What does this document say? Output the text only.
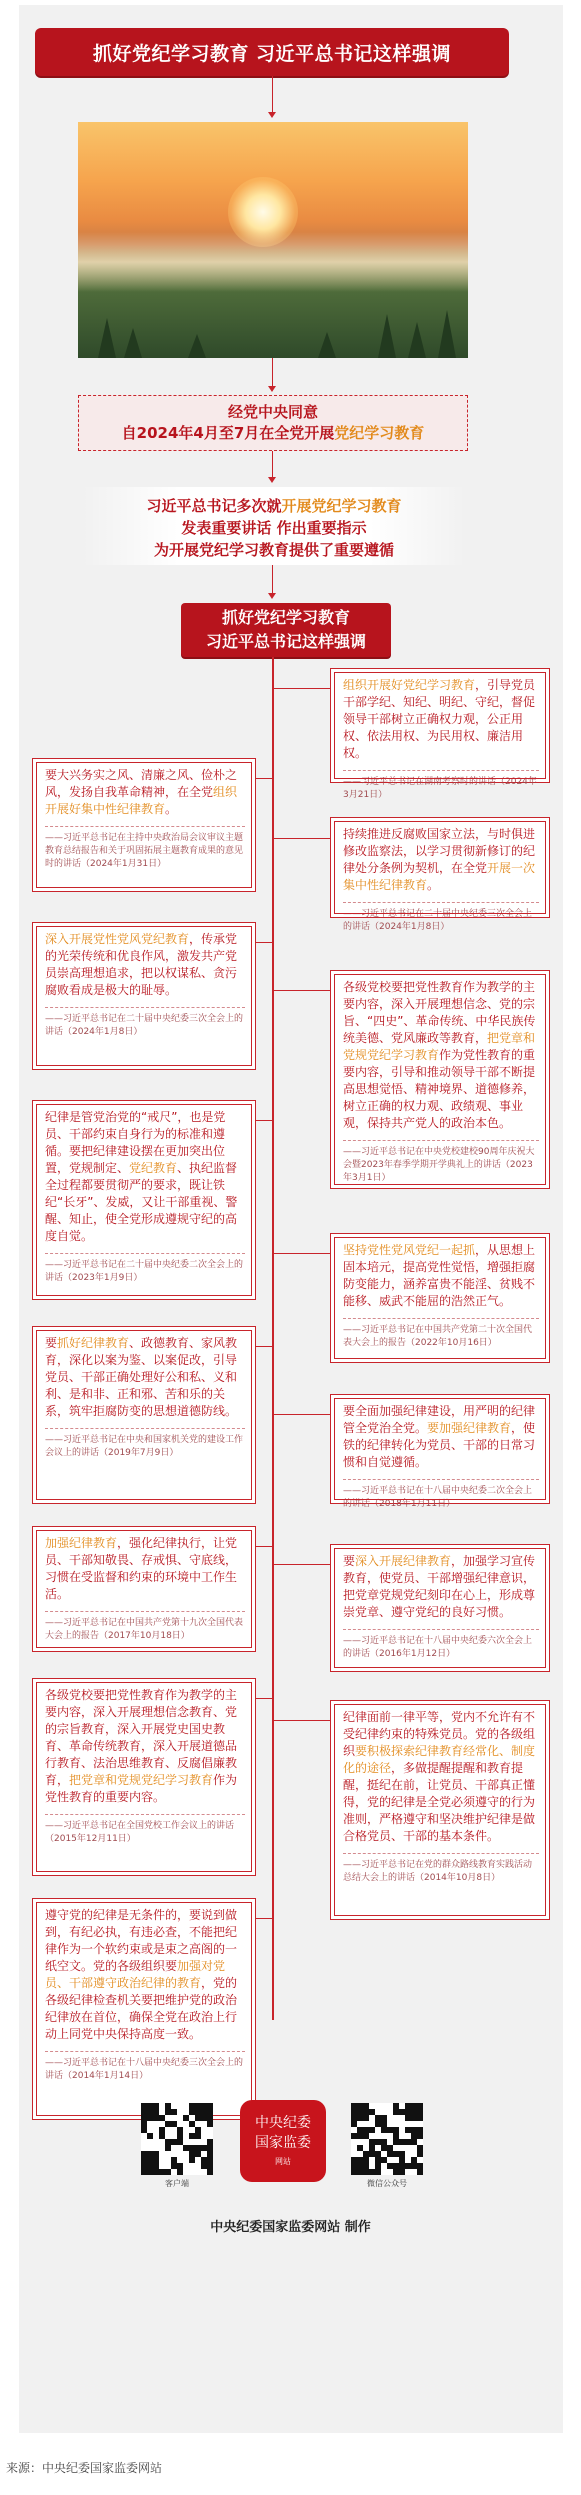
抓好党纪学习教育 习近平总书记这样强调
经党中央同意
自2024年4月至7月在全党开展党纪学习教育
习近平总书记多次就开展党纪学习教育
发表重要讲话 作出重要指示
为开展党纪学习教育提供了重要遵循
抓好党纪学习教育
习近平总书记这样强调

组织开展好党纪学习教育，引导党员干部学纪、知纪、明纪、守纪，督促领导干部树立正确权力观，公正用权、依法用权、为民用权、廉洁用权。

——习近平总书记在湖南考察时的讲话（2024年3月21日）

持续推进反腐败国家立法，与时俱进修改监察法，以学习贯彻新修订的纪律处分条例为契机，在全党开展一次集中性纪律教育。

——习近平总书记在二十届中央纪委三次全会上的讲话（2024年1月8日）

各级党校要把党性教育作为教学的主要内容，深入开展理想信念、党的宗旨、“四史”、革命传统、中华民族传统美德、党风廉政等教育，把党章和党规党纪学习教育作为党性教育的重要内容，引导和推动领导干部不断提高思想觉悟、精神境界、道德修养，树立正确的权力观、政绩观、事业观，保持共产党人的政治本色。

——习近平总书记在中央党校建校90周年庆祝大会暨2023年春季学期开学典礼上的讲话（2023年3月1日）

坚持党性党风党纪一起抓，从思想上固本培元，提高党性觉悟，增强拒腐防变能力，涵养富贵不能淫、贫贱不能移、威武不能屈的浩然正气。

——习近平总书记在中国共产党第二十次全国代表大会上的报告（2022年10月16日）

要全面加强纪律建设，用严明的纪律管全党治全党。要加强纪律教育，使铁的纪律转化为党员、干部的日常习惯和自觉遵循。

——习近平总书记在十八届中央纪委二次全会上的讲话（2018年1月11日）

要深入开展纪律教育，加强学习宣传教育，使党员、干部增强纪律意识，把党章党规党纪刻印在心上，形成尊崇党章、遵守党纪的良好习惯。

——习近平总书记在十八届中央纪委六次全会上的讲话（2016年1月12日）

纪律面前一律平等，党内不允许有不受纪律约束的特殊党员。党的各级组织要积极探索纪律教育经常化、制度化的途径，多做提醒提醒和教育提醒，挺纪在前，让党员、干部真正懂得，党的纪律是全党必须遵守的行为准则，严格遵守和坚决维护纪律是做合格党员、干部的基本条件。

——习近平总书记在党的群众路线教育实践活动总结大会上的讲话（2014年10月8日）

要大兴务实之风、清廉之风、俭朴之风，发扬自我革命精神，在全党组织开展好集中性纪律教育。

——习近平总书记在主持中央政治局会议审议主题教育总结报告和关于巩固拓展主题教育成果的意见时的讲话（2024年1月31日）

深入开展党性党风党纪教育，传承党的光荣传统和优良作风，激发共产党员崇高理想追求，把以权谋私、贪污腐败看成是极大的耻辱。

——习近平总书记在二十届中央纪委三次全会上的讲话（2024年1月8日）

纪律是管党治党的“戒尺”，也是党员、干部约束自身行为的标准和遵循。要把纪律建设摆在更加突出位置，党规制定、党纪教育、执纪监督全过程都要贯彻严的要求，既让铁纪“长牙”、发威，又让干部重视、警醒、知止，使全党形成遵规守纪的高度自觉。

——习近平总书记在二十届中央纪委二次全会上的讲话（2023年1月9日）

要抓好纪律教育、政德教育、家风教育，深化以案为鉴、以案促改，引导党员、干部正确处理好公和私、义和利、是和非、正和邪、苦和乐的关系，筑牢拒腐防变的思想道德防线。

——习近平总书记在中央和国家机关党的建设工作会议上的讲话（2019年7月9日）

加强纪律教育，强化纪律执行，让党员、干部知敬畏、存戒惧、守底线，习惯在受监督和约束的环境中工作生活。

——习近平总书记在中国共产党第十九次全国代表大会上的报告（2017年10月18日）

各级党校要把党性教育作为教学的主要内容，深入开展理想信念教育、党的宗旨教育，深入开展党史国史教育、革命传统教育，深入开展道德品行教育、法治思维教育、反腐倡廉教育，把党章和党规党纪学习教育作为党性教育的重要内容。

——习近平总书记在全国党校工作会议上的讲话（2015年12月11日）

遵守党的纪律是无条件的，要说到做到，有纪必执，有违必查，不能把纪律作为一个软约束或是束之高阁的一纸空文。党的各级组织要加强对党员、干部遵守政治纪律的教育，党的各级纪律检查机关要把维护党的政治纪律放在首位，确保全党在政治上行动上同党中央保持高度一致。

——习近平总书记在十八届中央纪委三次全会上的讲话（2014年1月14日）

客户端
中央纪委
国家监委
网站
微信公众号
中央纪委国家监委网站 制作
来源：中央纪委国家监委网站
